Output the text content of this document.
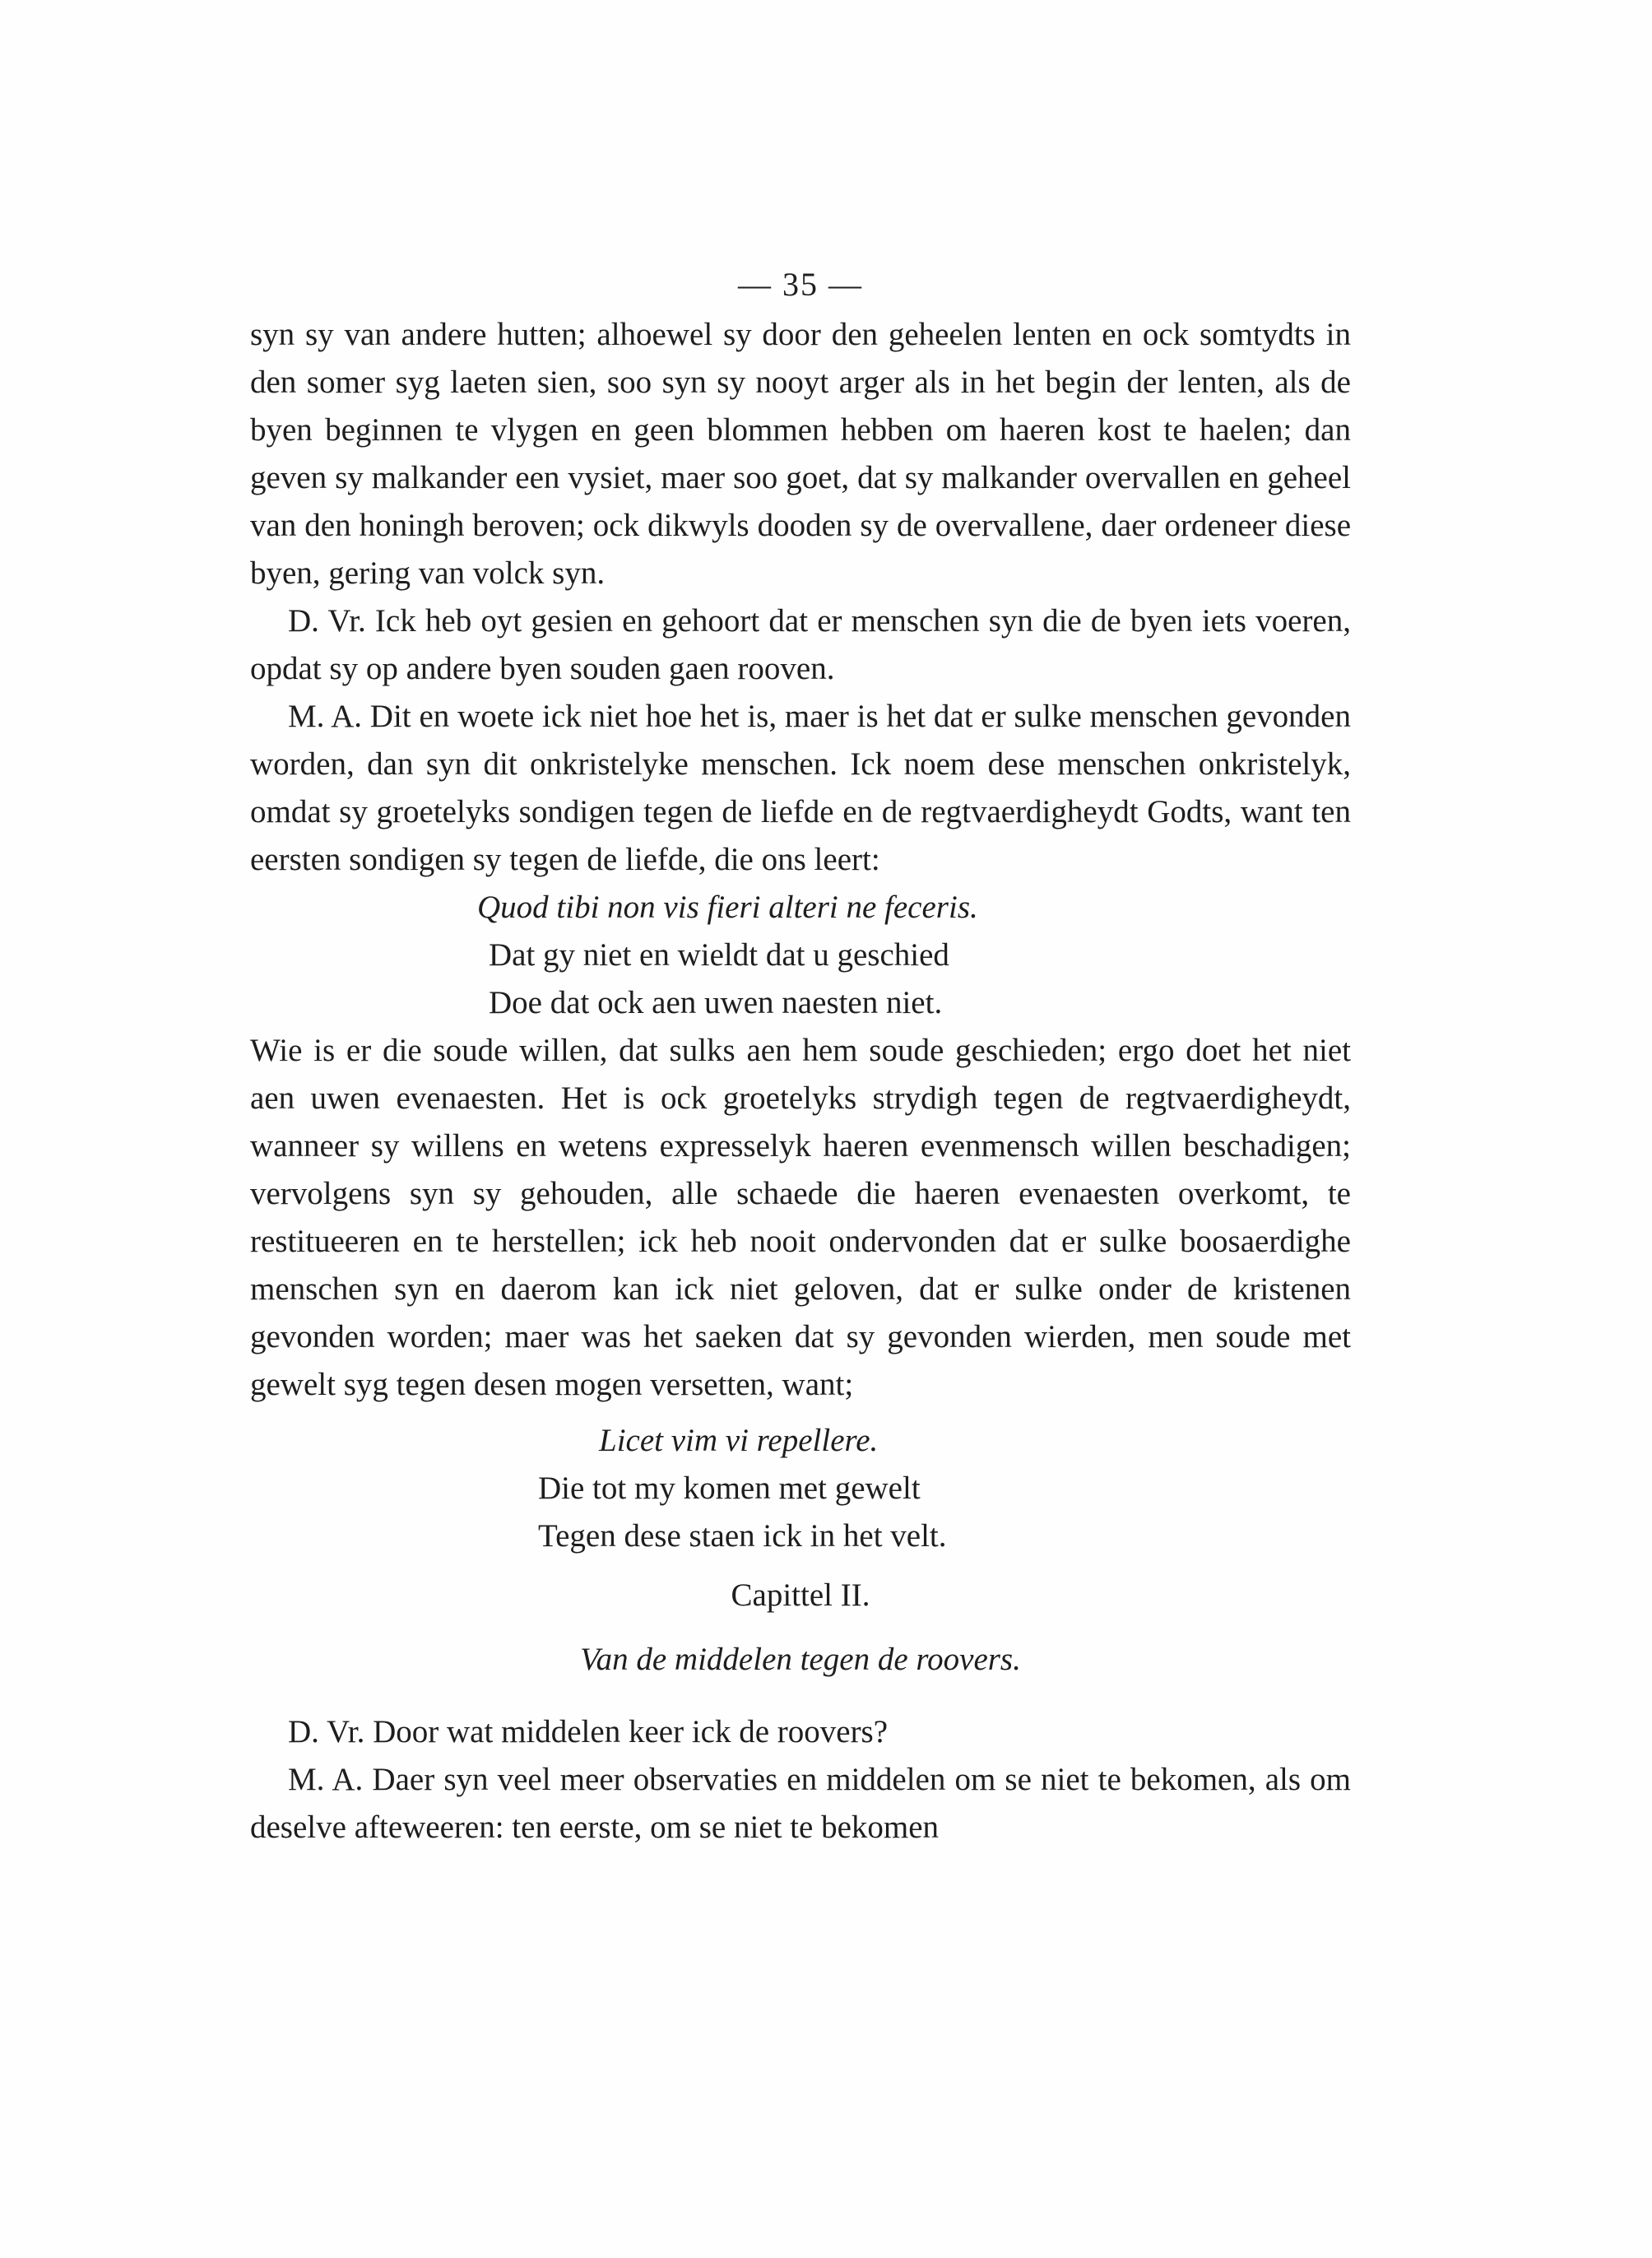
— 35 —

syn sy van andere hutten; alhoewel sy door den geheelen lenten en ock somtydts in den somer syg laeten sien, soo syn sy nooyt arger als in het begin der lenten, als de byen beginnen te vlygen en geen blommen hebben om haeren kost te haelen; dan geven sy malkander een vysiet, maer soo goet, dat sy malkander overvallen en geheel van den honingh beroven; ock dikwyls dooden sy de overvallene, daer ordeneer diese byen, gering van volck syn.

D. Vr. Ick heb oyt gesien en gehoort dat er menschen syn die de byen iets voeren, opdat sy op andere byen souden gaen rooven.

M. A. Dit en woete ick niet hoe het is, maer is het dat er sulke menschen gevonden worden, dan syn dit onkristelyke menschen. Ick noem dese menschen onkristelyk, omdat sy groetelyks sondigen tegen de liefde en de regtvaerdigheydt Godts, want ten eersten sondigen sy tegen de liefde, die ons leert:

Quod tibi non vis fieri alteri ne feceris.
Dat gy niet en wieldt dat u geschied
Doe dat ock aen uwen naesten niet.

Wie is er die soude willen, dat sulks aen hem soude geschieden; ergo doet het niet aen uwen evenaesten. Het is ock groetelyks strydigh tegen de regtvaerdigheydt, wanneer sy willens en wetens expresselyk haeren evenmensch willen beschadigen; vervolgens syn sy gehouden, alle schaede die haeren evenaesten overkomt, te restitueeren en te herstellen; ick heb nooit ondervonden dat er sulke boosaerdighe menschen syn en daerom kan ick niet geloven, dat er sulke onder de kristenen gevonden worden; maer was het saeken dat sy gevonden wierden, men soude met gewelt syg tegen desen mogen versetten, want;

Licet vim vi repellere.
Die tot my komen met gewelt
Tegen dese staen ick in het velt.
Capittel II.
Van de middelen tegen de roovers.

D. Vr. Door wat middelen keer ick de roovers?

M. A. Daer syn veel meer observaties en middelen om se niet te bekomen, als om deselve afteweeren: ten eerste, om se niet te bekomen
